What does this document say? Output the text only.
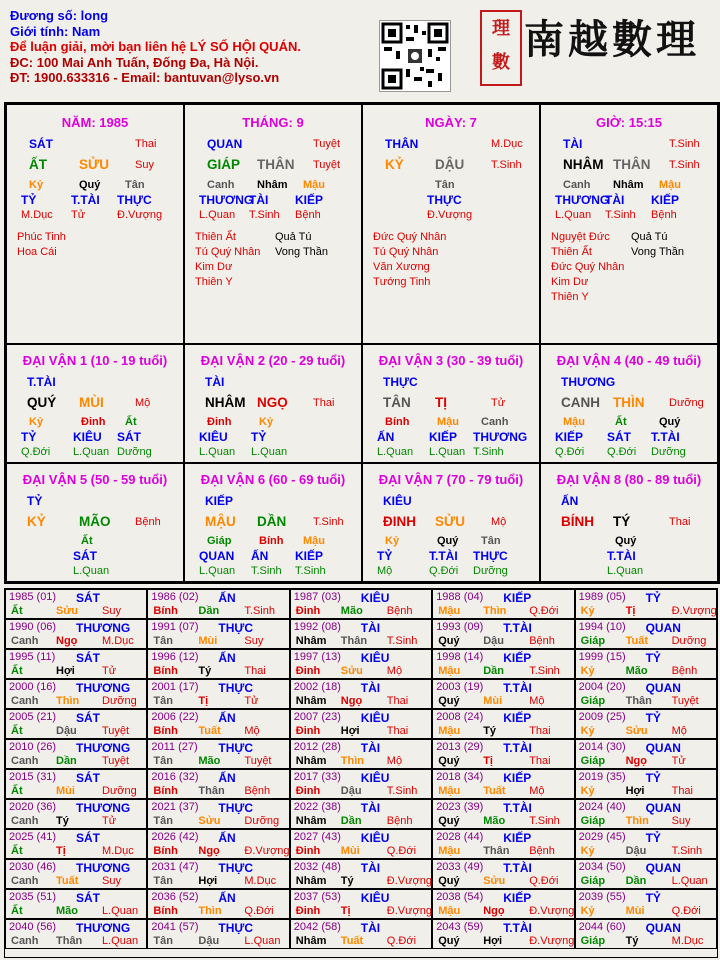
Đương số: long
Giới tính: Nam
Để luận giải, mời bạn liên hệ LÝ SỐ HỘI QUÁN.
ĐC: 100 Mai Anh Tuấn, Đống Đa, Hà Nội.
ĐT: 1900.633316 - Email: bantuvan@lyso.vn
理
數 南越數理
NĂM: 1985
SÁT	Thai
ẤT SỬU Suy
Kỷ	Quý Tân
TỶ	T.TÀI THỰC
M.Dục Tử	Đ.Vượng
Phúc Tinh
Hoa Cái
THÁNG: 9
QUAN	Tuyệt
GIÁP THÂN Tuyệt
Canh Nhâm Mậu
THƯƠNG
TÀI KIẾP
L.Quan T.Sinh Bệnh
Thiên Ất
Tú Quý Nhân
Kim Dư
Thiên Y
Quả Tú
Vong Thần
NGÀY: 7
THÂN	M.Dục
KỶ DẬU T.Sinh
Tân
THỰC
Đ.Vượng
Đức Quý Nhân
Tú Quý Nhân
Văn Xương
Tướng Tinh
GIỜ: 15:15
TÀI	T.Sinh
NHÂM THÂN T.Sinh
Canh Nhâm Mậu
THƯƠNG
TÀI KIẾP
L.Quan T.Sinh Bệnh
Nguyệt Đức
Thiên Ất
Đức Quý Nhân
Kim Dư
Thiên Y
Quả Tú
Vong Thần
ĐẠI VẬN 1 (10 - 19 tuổi)
T.TÀI
QUÝ MÙI	Mộ
Kỷ	Đinh Ất
TỶ	KIÊU SÁT
Q.Đới L.Quan Dưỡng
ĐẠI VẬN 2 (20 - 29 tuổi)
TÀI
NHÂM NGỌ Thai
Đinh	Kỷ
KIÊU TỶ
L.Quan L.Quan
ĐẠI VẬN 3 (30 - 39 tuổi)
THỰC
TÂN TỊ	Tử
Bính	Mậu Canh
ẤN	KIẾP THƯƠNG
L.Quan L.Quan T.Sinh
ĐẠI VẬN 4 (40 - 49 tuổi)
THƯƠNG
CANH THÌN Dưỡng
Mậu	Ất	Quý
KIẾP SÁT T.TÀI
Q.Đới Q.Đới Dưỡng
ĐẠI VẬN 5 (50 - 59 tuổi)
TỶ
KỶ MÃO Bệnh
Ất
SÁT
L.Quan
ĐẠI VẬN 6 (60 - 69 tuổi)
KIẾP
MẬU DẦN T.Sinh
Giáp	Bính Mậu
QUAN ẤN KIẾP
L.Quan T.Sinh T.Sinh
ĐẠI VẬN 7 (70 - 79 tuổi)
KIÊU
ĐINH SỬU Mộ
Kỷ	Quý Tân
TỶ	T.TÀI THỰC
Mộ	Q.Đới Dưỡng
ĐẠI VẬN 8 (80 - 89 tuổi)
ẤN
BÍNH TÝ	Thai
Quý
T.TÀI
L.Quan
1985 (01) SÁT
Ất	Sửu Suy
1986 (02) ẤN
Bính Dần T.Sinh
1987 (03) KIÊU
Đinh Mão Bệnh
1988 (04) KIẾP
Mậu Thìn Q.Đới
1989 (05) TỶ
Kỷ	Tị	Đ.Vượng
1990 (06) THƯƠNG
Canh Ngọ M.Dục
1991 (07) THỰC
Tân Mùi Suy
1992 (08) TÀI
Nhâm Thân T.Sinh
1993 (09) T.TÀI
Quý Dậu Bệnh
1994 (10) QUAN
Giáp Tuất Dưỡng
1995 (11) SÁT
Ất	Hợi Tử
1996 (12) ẤN
Bính Tý	Thai
1997 (13) KIÊU
Đinh Sửu Mộ
1998 (14) KIẾP
Mậu Dần T.Sinh
1999 (15) TỶ
Kỷ	Mão Bệnh
2000 (16) THƯƠNG
Canh Thìn Dưỡng
2001 (17) THỰC
Tân Tị	Tử
2002 (18) TÀI
Nhâm Ngọ Thai
2003 (19) T.TÀI
Quý Mùi Mộ
2004 (20) QUAN
Giáp Thân Tuyệt
2005 (21) SÁT
Ất	Dậu Tuyệt
2006 (22) ẤN
Bính Tuất Mộ
2007 (23) KIÊU
Đinh Hợi Thai
2008 (24) KIẾP
Mậu Tý	Thai
2009 (25) TỶ
Kỷ	Sửu Mộ
2010 (26) THƯƠNG
Canh Dần Tuyệt
2011 (27) THỰC
Tân Mão Tuyệt
2012 (28) TÀI
Nhâm Thìn Mộ
2013 (29) T.TÀI
Quý Tị	Thai
2014 (30) QUAN
Giáp Ngọ Tử
2015 (31) SÁT
Ất	Mùi Dưỡng
2016 (32) ẤN
Bính Thân Bệnh
2017 (33) KIÊU
Đinh Dậu T.Sinh
2018 (34) KIẾP
Mậu Tuất Mộ
2019 (35) TỶ
Kỷ	Hợi Thai
2020 (36) THƯƠNG
Canh Tý	Tử
2021 (37) THỰC
Tân Sửu Dưỡng
2022 (38) TÀI
Nhâm Dần Bệnh
2023 (39) T.TÀI
Quý Mão T.Sinh
2024 (40) QUAN
Giáp Thìn Suy
2025 (41) SÁT
Ất	Tị	M.Dục
2026 (42) ẤN
Bính Ngọ Đ.Vượng
2027 (43) KIÊU
Đinh Mùi Q.Đới
2028 (44) KIẾP
Mậu Thân Bệnh
2029 (45) TỶ
Kỷ	Dậu T.Sinh
2030 (46) THƯƠNG
Canh Tuất Suy
2031 (47) THỰC
Tân Hợi M.Dục
2032 (48) TÀI
Nhâm Tý	Đ.Vượng
2033 (49) T.TÀI
Quý Sửu Q.Đới
2034 (50) QUAN
Giáp Dần L.Quan
2035 (51) SÁT
Ất	Mão L.Quan
2036 (52) ẤN
Bính Thìn Q.Đới
2037 (53) KIÊU
Đinh Tị	Đ.Vượng
2038 (54) KIẾP
Mậu Ngọ Đ.Vượng
2039 (55) TỶ
Kỷ	Mùi Q.Đới
2040 (56) THƯƠNG
Canh Thân L.Quan
2041 (57) THỰC
Tân Dậu L.Quan
2042 (58) TÀI
Nhâm Tuất Q.Đới
2043 (59) T.TÀI
Quý Hợi Đ.Vượng
2044 (60) QUAN
Giáp Tý	M.Dục
